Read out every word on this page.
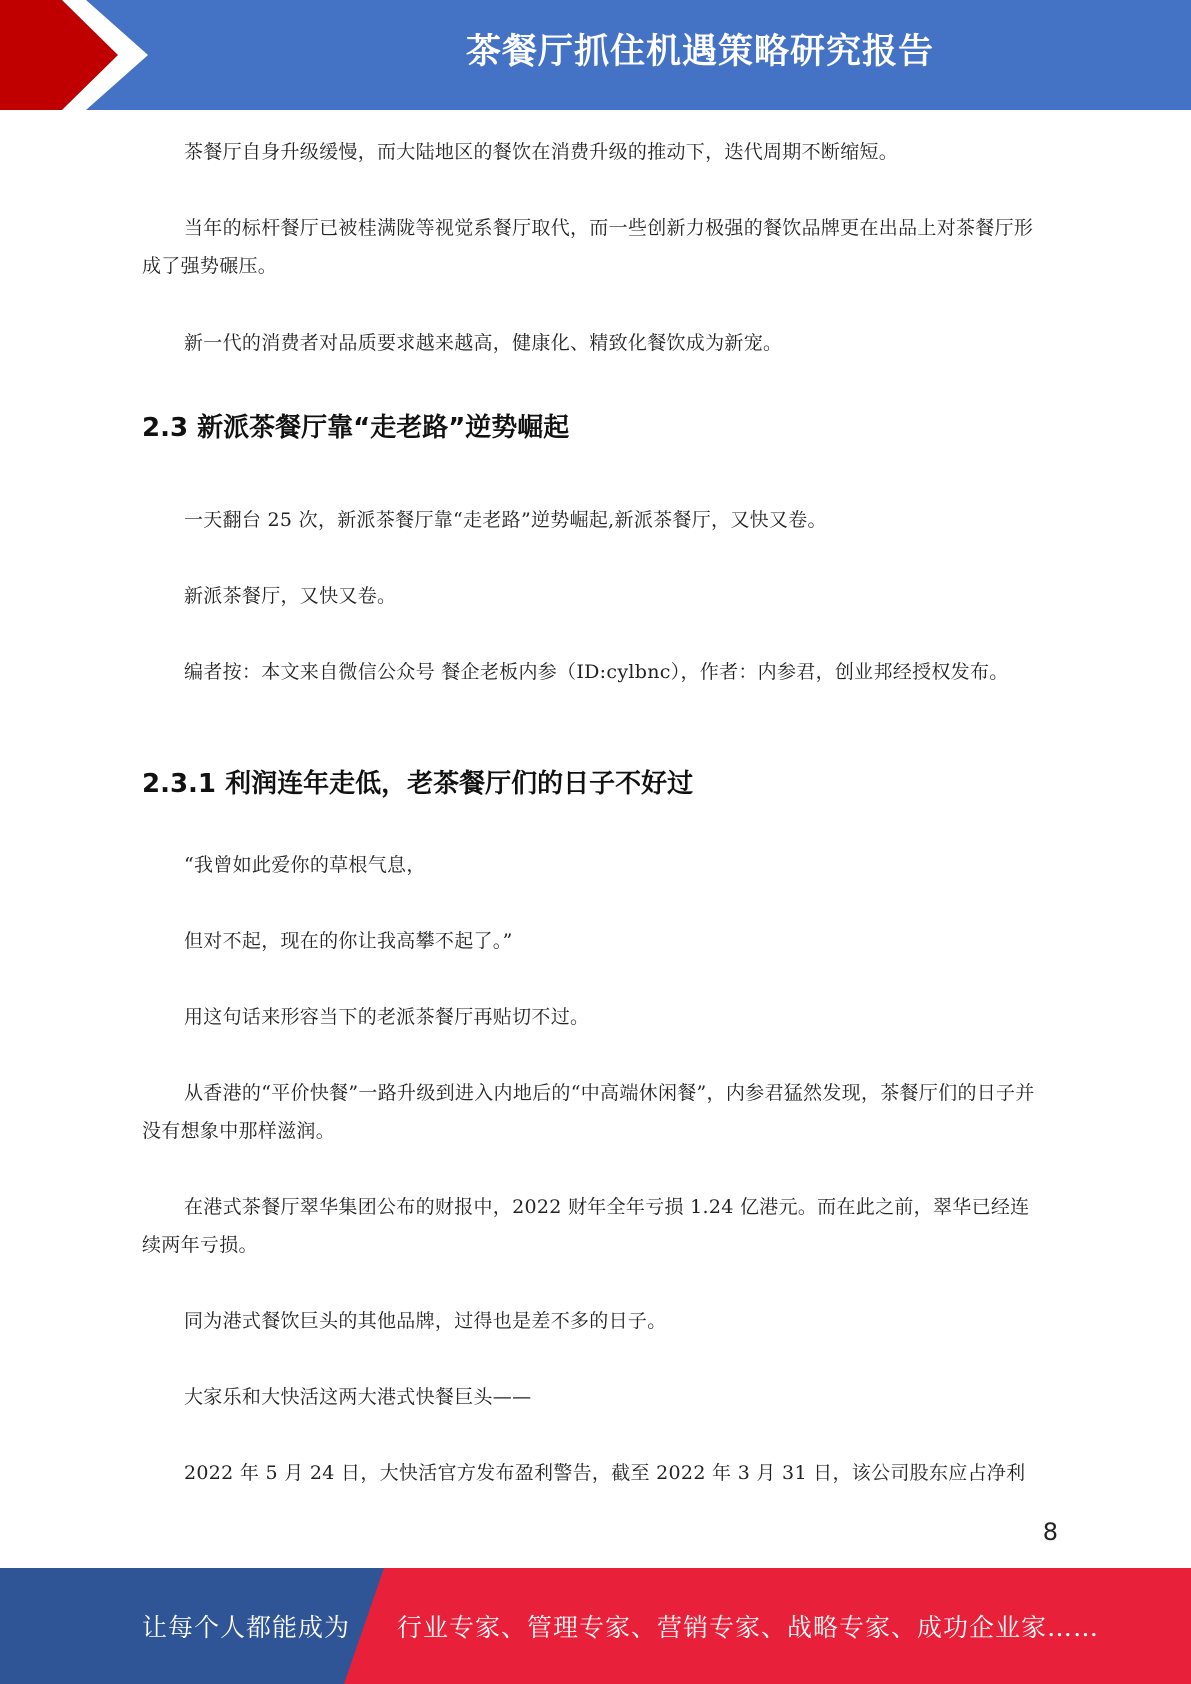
茶餐厅抓住机遇策略研究报告

茶餐厅自身升级缓慢，而大陆地区的餐饮在消费升级的推动下，迭代周期不断缩短。

当年的标杆餐厅已被桂满陇等视觉系餐厅取代，而一些创新力极强的餐饮品牌更在出品上对茶餐厅形成了强势碾压。

新一代的消费者对品质要求越来越高，健康化、精致化餐饮成为新宠。

2.3 新派茶餐厅靠“走老路”逆势崛起

一天翻台 25 次，新派茶餐厅靠“走老路”逆势崛起,新派茶餐厅，又快又卷。

新派茶餐厅，又快又卷。

编者按：本文来自微信公众号 餐企老板内参（ID:cylbnc），作者：内参君，创业邦经授权发布。

2.3.1 利润连年走低，老茶餐厅们的日子不好过

“我曾如此爱你的草根气息，

但对不起，现在的你让我高攀不起了。”

用这句话来形容当下的老派茶餐厅再贴切不过。

从香港的“平价快餐”一路升级到进入内地后的“中高端休闲餐”，内参君猛然发现，茶餐厅们的日子并没有想象中那样滋润。

在港式茶餐厅翠华集团公布的财报中，2022 财年全年亏损 1.24 亿港元。而在此之前，翠华已经连续两年亏损。

同为港式餐饮巨头的其他品牌，过得也是差不多的日子。

大家乐和大快活这两大港式快餐巨头——

2022 年 5 月 24 日，大快活官方发布盈利警告，截至 2022 年 3 月 31 日，该公司股东应占净利

8
让每个人都能成为 行业专家、管理专家、营销专家、战略专家、成功企业家……
